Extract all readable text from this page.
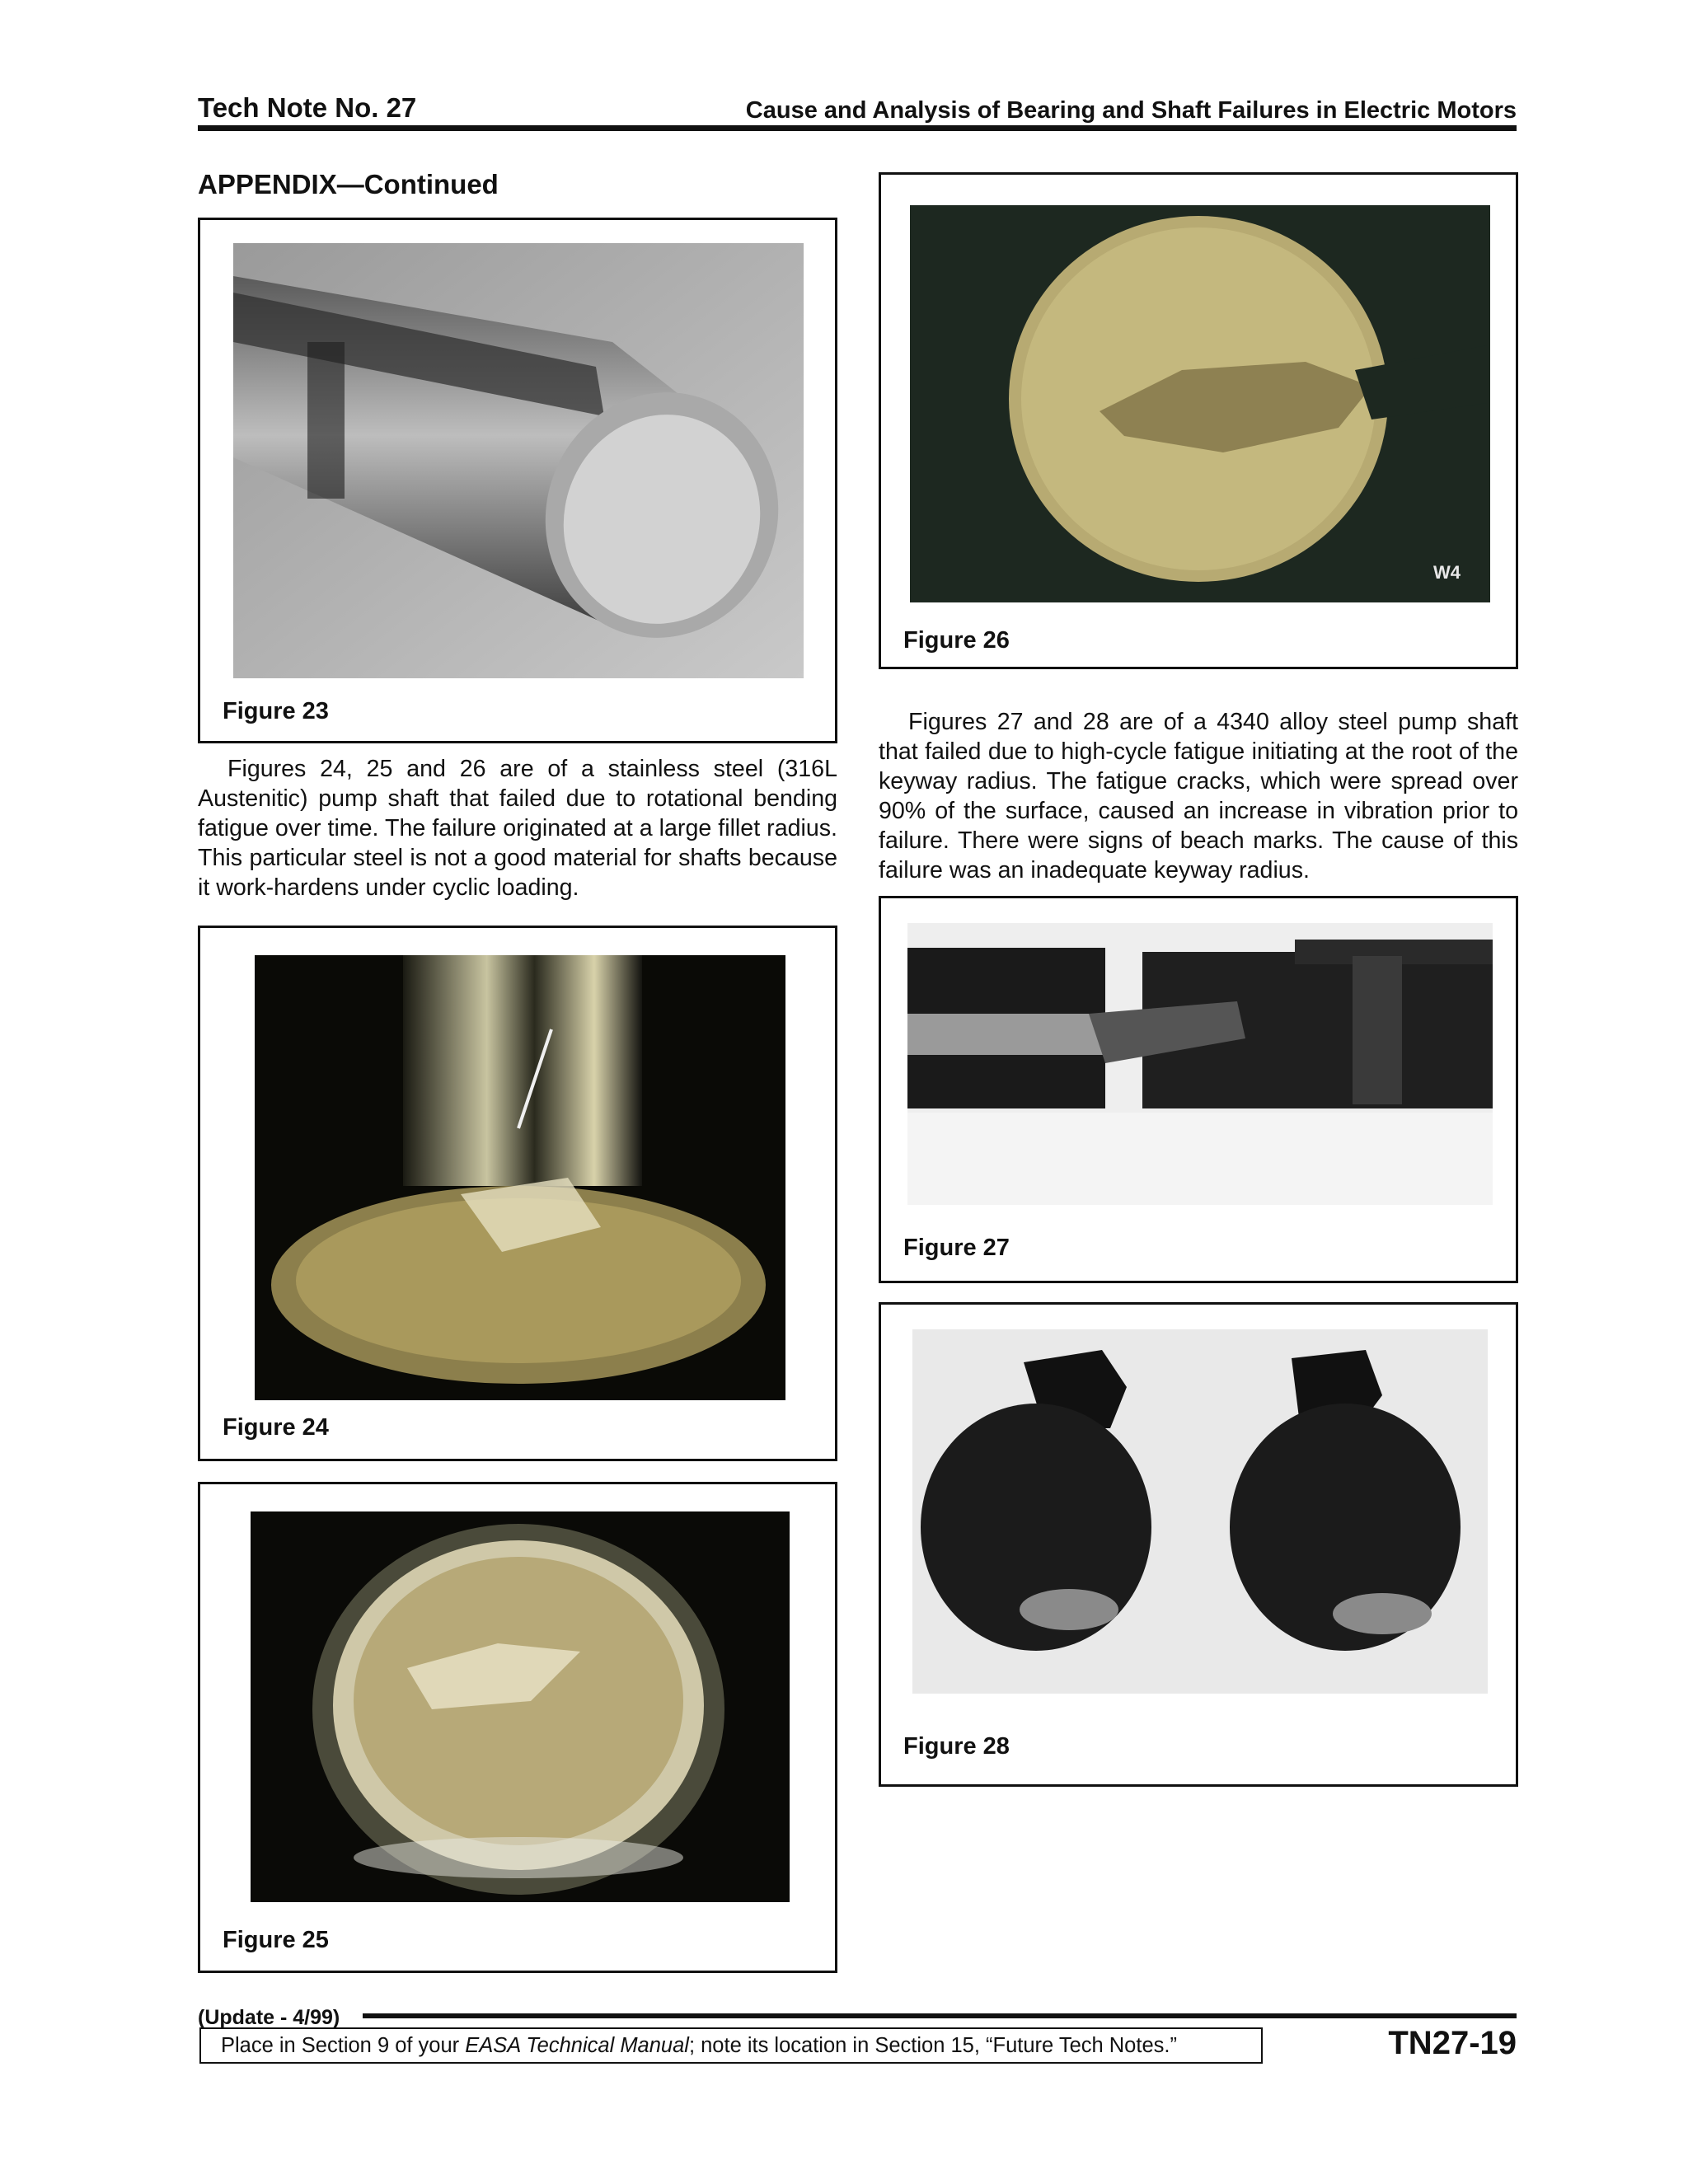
Tech Note No. 27	Cause and Analysis of Bearing and Shaft Failures in Electric Motors
APPENDIX—Continued
Figure 23
Figures 24, 25 and 26 are of a stainless steel (316L Austenitic) pump shaft that failed due to rotational bending fatigue over time. The failure originated at a large fillet radius. This particular steel is not a good material for shafts because it work-hardens under cyclic loading.
Figure 24
Figure 25
W4
Figure 26
Figures 27 and 28 are of a 4340 alloy steel pump shaft that failed due to high-cycle fatigue initiating at the root of the keyway radius. The fatigue cracks, which were spread over 90% of the surface, caused an increase in vibration prior to failure. There were signs of beach marks. The cause of this failure was an inadequate keyway radius.
Figure 27
Figure 28
(Update - 4/99)
Place in Section 9 of your EASA Technical Manual; note its location in Section 15, “Future Tech Notes.”	TN27-19
